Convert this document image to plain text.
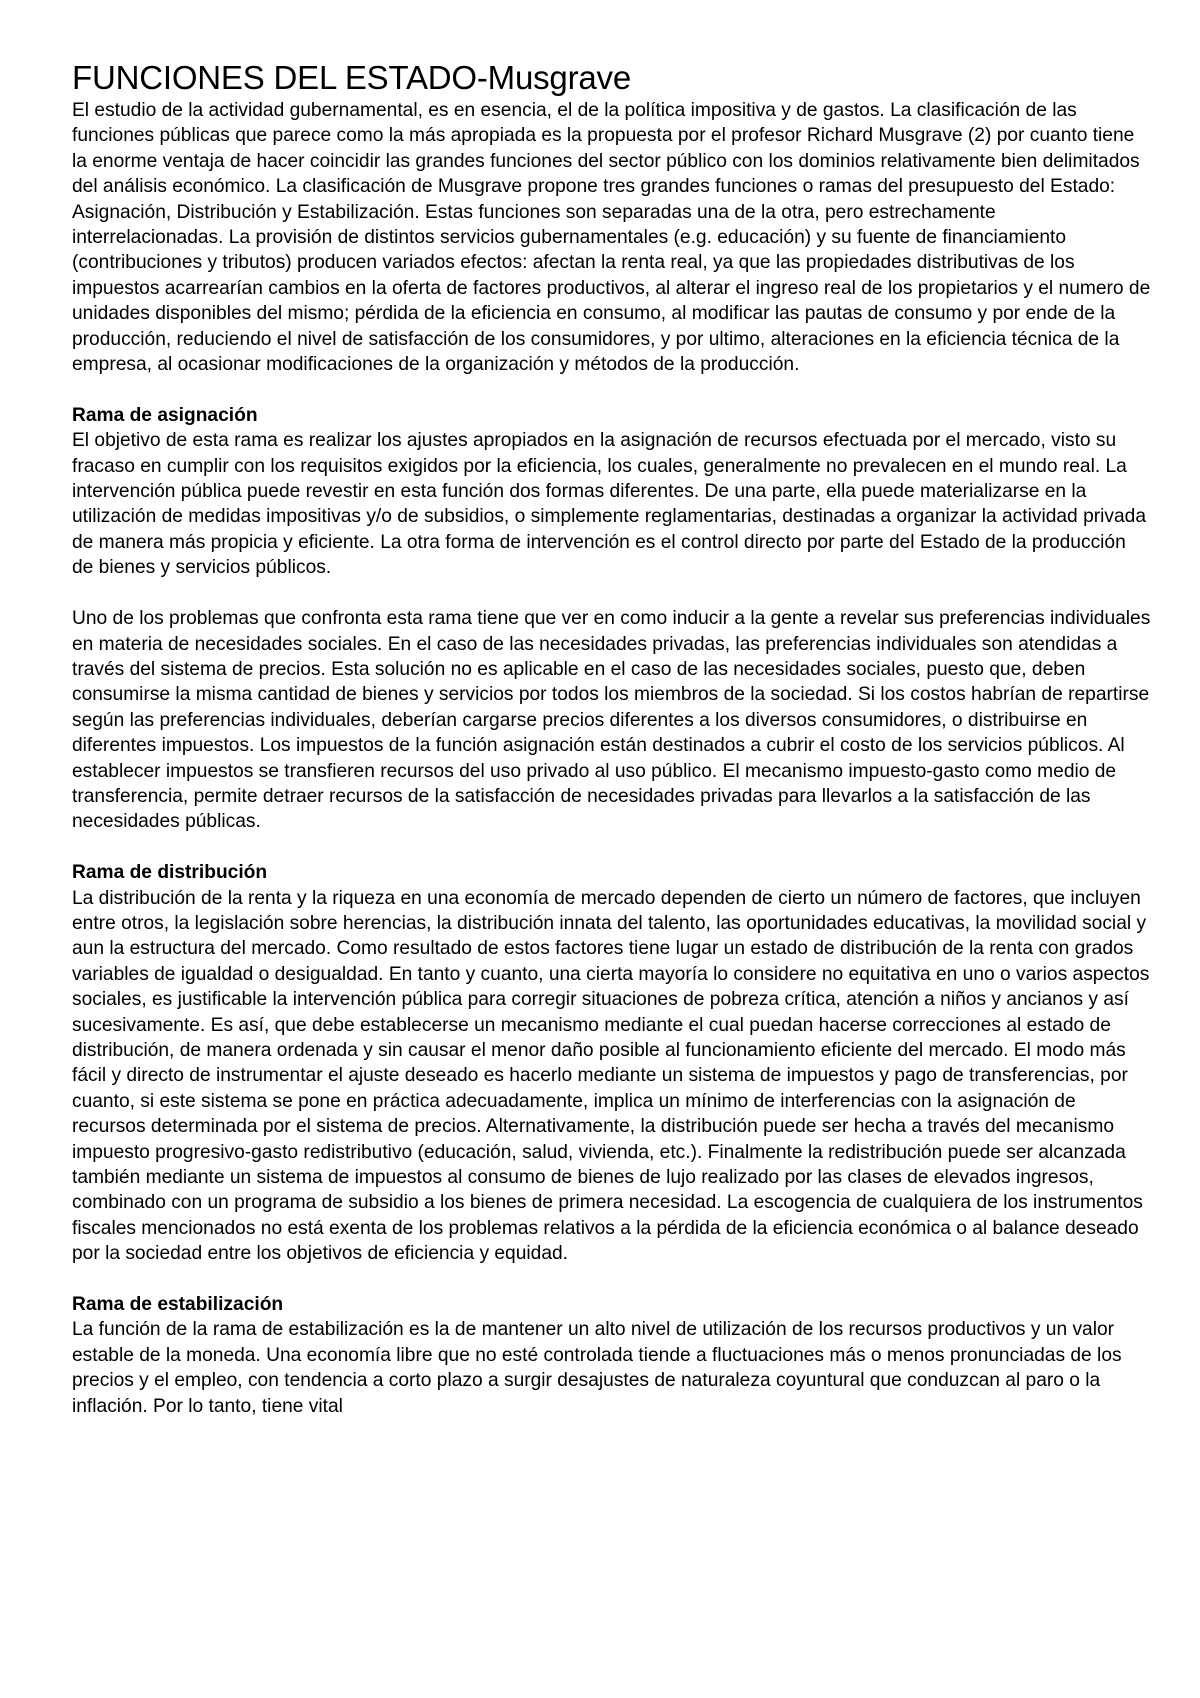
FUNCIONES DEL ESTADO-Musgrave

El estudio de la actividad gubernamental, es en esencia, el de la política impositiva y de gastos. La clasificación de las funciones públicas que parece como la más apropiada es la propuesta por el profesor Richard Musgrave (2) por cuanto tiene la enorme ventaja de hacer coincidir las grandes funciones del sector público con los dominios relativamente bien delimitados del análisis económico. La clasificación de Musgrave propone tres grandes funciones o ramas del presupuesto del Estado: Asignación, Distribución y Estabilización. Estas funciones son separadas una de la otra, pero estrechamente interrelacionadas. La provisión de distintos servicios gubernamentales (e.g. educación) y su fuente de financiamiento (contribuciones y tributos) producen variados efectos: afectan la renta real, ya que las propiedades distributivas de los impuestos acarrearían cambios en la oferta de factores productivos, al alterar el ingreso real de los propietarios y el numero de unidades disponibles del mismo; pérdida de la eficiencia en consumo, al modificar las pautas de consumo y por ende de la producción, reduciendo el nivel de satisfacción de los consumidores, y por ultimo, alteraciones en la eficiencia técnica de la empresa, al ocasionar modificaciones de la organización y métodos de la producción.

Rama de asignación

El objetivo de esta rama es realizar los ajustes apropiados en la asignación de recursos efectuada por el mercado, visto su fracaso en cumplir con los requisitos exigidos por la eficiencia, los cuales, generalmente no prevalecen en el mundo real. La intervención pública puede revestir en esta función dos formas diferentes. De una parte, ella puede materializarse en la utilización de medidas impositivas y/o de subsidios, o simplemente reglamentarias, destinadas a organizar la actividad privada de manera más propicia y eficiente. La otra forma de intervención es el control directo por parte del Estado de la producción de bienes y servicios públicos.

Uno de los problemas que confronta esta rama tiene que ver en como inducir a la gente a revelar sus preferencias individuales en materia de necesidades sociales. En el caso de las necesidades privadas, las preferencias individuales son atendidas a través del sistema de precios. Esta solución no es aplicable en el caso de las necesidades sociales, puesto que, deben consumirse la misma cantidad de bienes y servicios por todos los miembros de la sociedad. Si los costos habrían de repartirse según las preferencias individuales, deberían cargarse precios diferentes a los diversos consumidores, o distribuirse en diferentes impuestos. Los impuestos de la función asignación están destinados a cubrir el costo de los servicios públicos. Al establecer impuestos se transfieren recursos del uso privado al uso público. El mecanismo impuesto-gasto como medio de transferencia, permite detraer recursos de la satisfacción de necesidades privadas para llevarlos a la satisfacción de las necesidades públicas.

Rama de distribución

La distribución de la renta y la riqueza en una economía de mercado dependen de cierto un número de factores, que incluyen entre otros, la legislación sobre herencias, la distribución innata del talento, las oportunidades educativas, la movilidad social y aun la estructura del mercado. Como resultado de estos factores tiene lugar un estado de distribución de la renta con grados variables de igualdad o desigualdad. En tanto y cuanto, una cierta mayoría lo considere no equitativa en uno o varios aspectos sociales, es justificable la intervención pública para corregir situaciones de pobreza crítica, atención a niños y ancianos y así sucesivamente. Es así, que debe establecerse un mecanismo mediante el cual puedan hacerse correcciones al estado de distribución, de manera ordenada y sin causar el menor daño posible al funcionamiento eficiente del mercado. El modo más fácil y directo de instrumentar el ajuste deseado es hacerlo mediante un sistema de impuestos y pago de transferencias, por cuanto, si este sistema se pone en práctica adecuadamente, implica un mínimo de interferencias con la asignación de recursos determinada por el sistema de precios. Alternativamente, la distribución puede ser hecha a través del mecanismo impuesto progresivo-gasto redistributivo (educación, salud, vivienda, etc.). Finalmente la redistribución puede ser alcanzada también mediante un sistema de impuestos al consumo de bienes de lujo realizado por las clases de elevados ingresos, combinado con un programa de subsidio a los bienes de primera necesidad. La escogencia de cualquiera de los instrumentos fiscales mencionados no está exenta de los problemas relativos a la pérdida de la eficiencia económica o al balance deseado por la sociedad entre los objetivos de eficiencia y equidad.

Rama de estabilización

La función de la rama de estabilización es la de mantener un alto nivel de utilización de los recursos productivos y un valor estable de la moneda. Una economía libre que no esté controlada tiende a fluctuaciones más o menos pronunciadas de los precios y el empleo, con tendencia a corto plazo a surgir desajustes de naturaleza coyuntural que conduzcan al paro o la inflación. Por lo tanto, tiene vital
